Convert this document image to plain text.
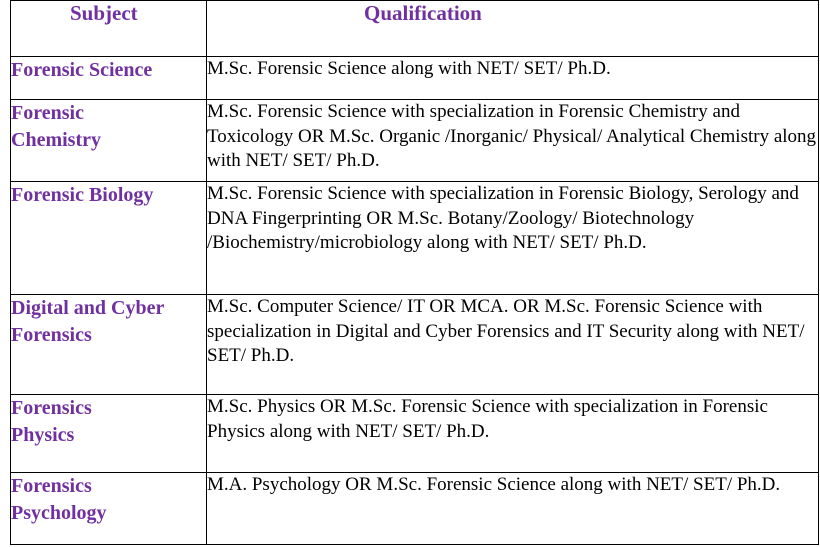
Subject	Qualification

Forensic Science	M.Sc. Forensic Science along with NET/ SET/ Ph.D.

Forensic Chemistry	M.Sc. Forensic Science with specialization in Forensic Chemistry and Toxicology OR M.Sc. Organic /Inorganic/ Physical/ Analytical Chemistry along with NET/ SET/ Ph.D.

Forensic Biology	M.Sc. Forensic Science with specialization in Forensic Biology, Serology and DNA Fingerprinting OR M.Sc. Botany/Zoology/ Biotechnology /Biochemistry/microbiology along with NET/ SET/ Ph.D.

Digital and Cyber Forensics	M.Sc. Computer Science/ IT OR MCA. OR M.Sc. Forensic Science with specialization in Digital and Cyber Forensics and IT Security along with NET/ SET/ Ph.D.

Forensics Physics	M.Sc. Physics OR M.Sc. Forensic Science with specialization in Forensic Physics along with NET/ SET/ Ph.D.

Forensics Psychology	M.A. Psychology OR M.Sc. Forensic Science along with NET/ SET/ Ph.D.
